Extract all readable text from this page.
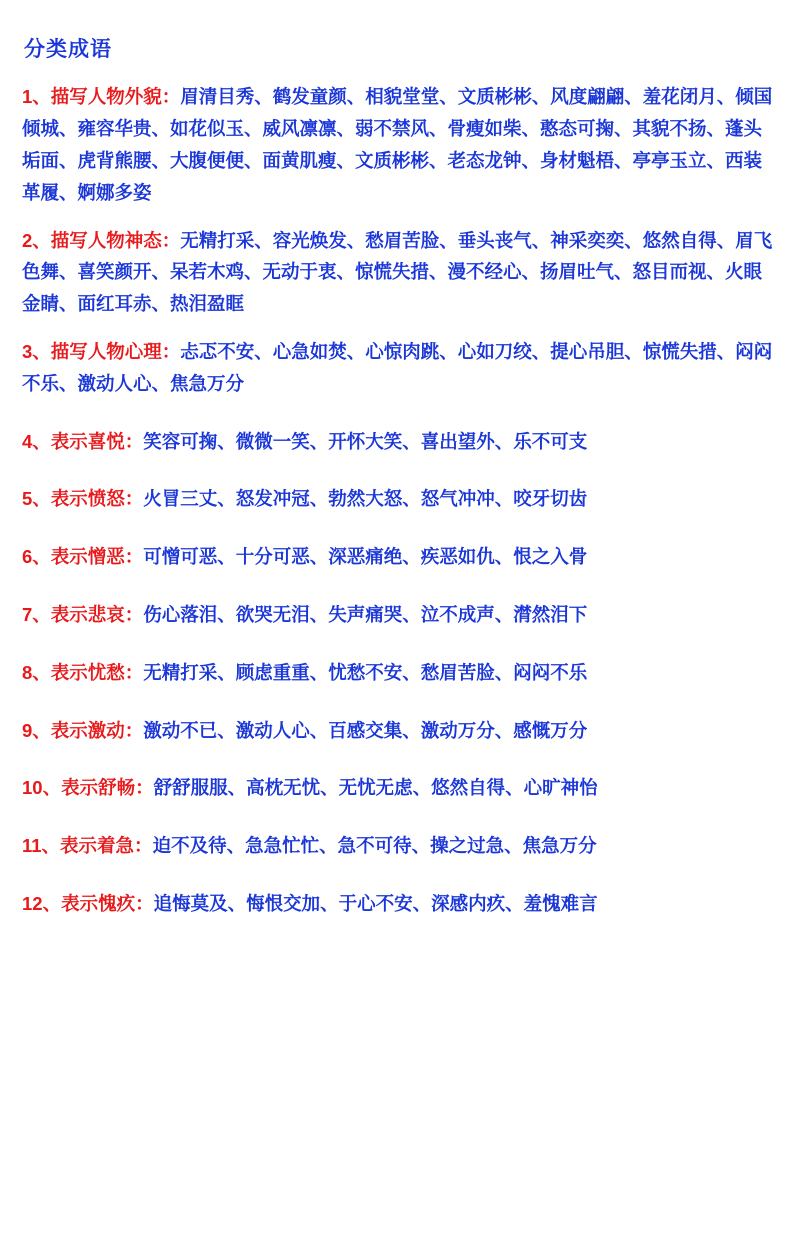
分类成语

1、描写人物外貌：眉清目秀、鹤发童颜、相貌堂堂、文质彬彬、风度翩翩、羞花闭月、倾国倾城、雍容华贵、如花似玉、威风凛凛、弱不禁风、骨瘦如柴、憨态可掬、其貌不扬、蓬头垢面、虎背熊腰、大腹便便、面黄肌瘦、文质彬彬、老态龙钟、身材魁梧、亭亭玉立、西装革履、婀娜多姿

2、描写人物神态：无精打采、容光焕发、愁眉苦脸、垂头丧气、神采奕奕、悠然自得、眉飞色舞、喜笑颜开、呆若木鸡、无动于衷、惊慌失措、漫不经心、扬眉吐气、怒目而视、火眼金睛、面红耳赤、热泪盈眶

3、描写人物心理：忐忑不安、心急如焚、心惊肉跳、心如刀绞、提心吊胆、惊慌失措、闷闷不乐、激动人心、焦急万分

4、表示喜悦：笑容可掬、微微一笑、开怀大笑、喜出望外、乐不可支

5、表示愤怒：火冒三丈、怒发冲冠、勃然大怒、怒气冲冲、咬牙切齿

6、表示憎恶：可憎可恶、十分可恶、深恶痛绝、疾恶如仇、恨之入骨

7、表示悲哀：伤心落泪、欲哭无泪、失声痛哭、泣不成声、潸然泪下

8、表示忧愁：无精打采、顾虑重重、忧愁不安、愁眉苦脸、闷闷不乐

9、表示激动：激动不已、激动人心、百感交集、激动万分、感慨万分

10、表示舒畅：舒舒服服、高枕无忧、无忧无虑、悠然自得、心旷神怡

11、表示着急：迫不及待、急急忙忙、急不可待、操之过急、焦急万分

12、表示愧疚：追悔莫及、悔恨交加、于心不安、深感内疚、羞愧难言
